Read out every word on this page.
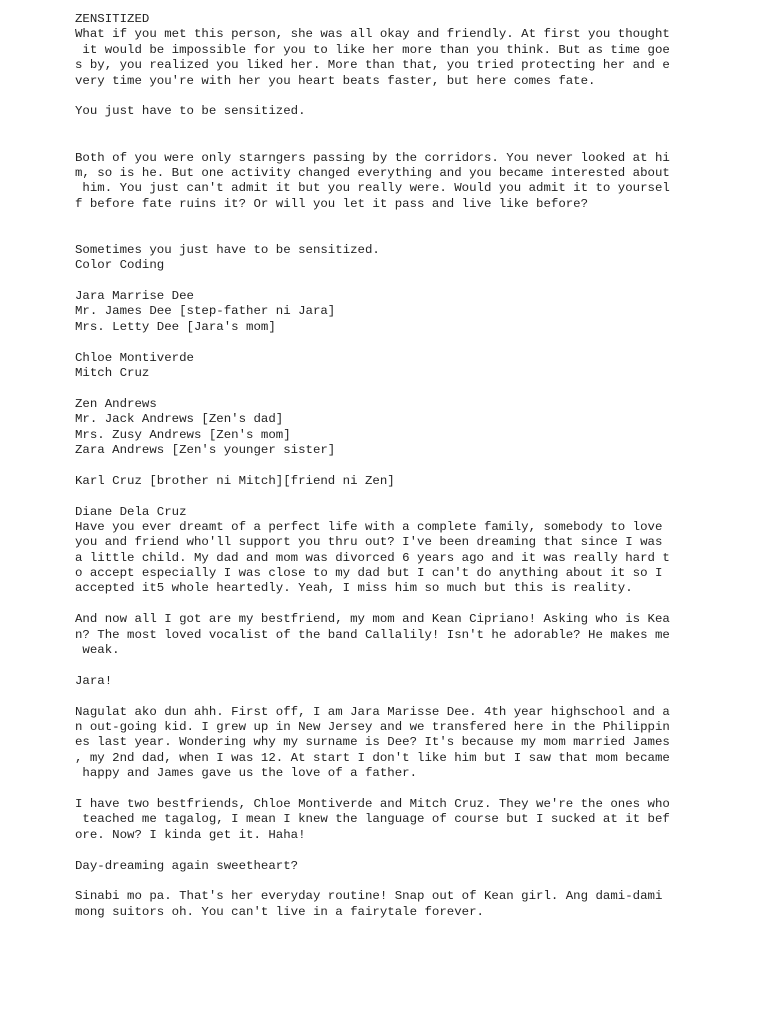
ZENSITIZED
What if you met this person, she was all okay and friendly. At first you thought
it would be impossible for you to like her more than you think. But as time goe
s by, you realized you liked her. More than that, you tried protecting her and e
very time you're with her you heart beats faster, but here comes fate.
You just have to be sensitized.
Both of you were only starngers passing by the corridors. You never looked at hi
m, so is he. But one activity changed everything and you became interested about
him. You just can't admit it but you really were. Would you admit it to yoursel
f before fate ruins it? Or will you let it pass and live like before?
Sometimes you just have to be sensitized.
Color Coding
Jara Marrise Dee
Mr. James Dee [step-father ni Jara]
Mrs. Letty Dee [Jara's mom]
Chloe Montiverde
Mitch Cruz
Zen Andrews
Mr. Jack Andrews [Zen's dad]
Mrs. Zusy Andrews [Zen's mom]
Zara Andrews [Zen's younger sister]
Karl Cruz [brother ni Mitch][friend ni Zen]
Diane Dela Cruz
Have you ever dreamt of a perfect life with a complete family, somebody to love
you and friend who'll support you thru out? I've been dreaming that since I was
a little child. My dad and mom was divorced 6 years ago and it was really hard t
o accept especially I was close to my dad but I can't do anything about it so I
accepted it5 whole heartedly. Yeah, I miss him so much but this is reality.
And now all I got are my bestfriend, my mom and Kean Cipriano! Asking who is Kea
n? The most loved vocalist of the band Callalily! Isn't he adorable? He makes me
weak.
Jara!
Nagulat ako dun ahh. First off, I am Jara Marisse Dee. 4th year highschool and a
n out-going kid. I grew up in New Jersey and we transfered here in the Philippin
es last year. Wondering why my surname is Dee? It's because my mom married James
, my 2nd dad, when I was 12. At start I don't like him but I saw that mom became
happy and James gave us the love of a father.
I have two bestfriends, Chloe Montiverde and Mitch Cruz. They we're the ones who
teached me tagalog, I mean I knew the language of course but I sucked at it bef
ore. Now? I kinda get it. Haha!
Day-dreaming again sweetheart?
Sinabi mo pa. That's her everyday routine! Snap out of Kean girl. Ang dami-dami
mong suitors oh. You can't live in a fairytale forever.
